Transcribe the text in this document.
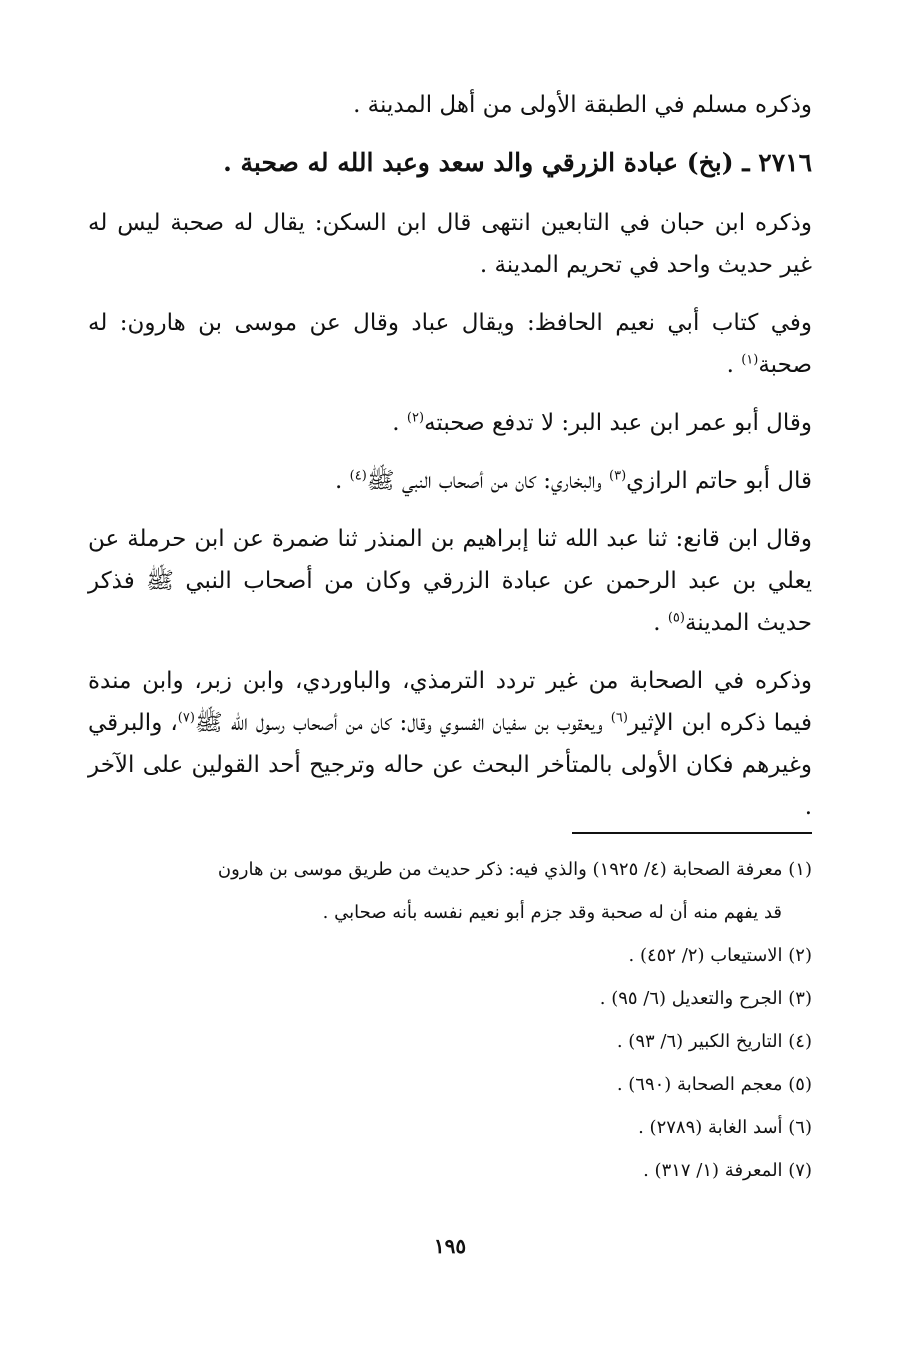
وذكره مسلم في الطبقة الأولى من أهل المدينة .

٢٧١٦ ـ (بخ) عبادة الزرقي والد سعد وعبد الله له صحبة .

وذكره ابن حبان في التابعين انتهى قال ابن السكن: يقال له صحبة ليس له غير حديث واحد في تحريم المدينة .

وفي كتاب أبي نعيم الحافظ: ويقال عباد وقال عن موسى بن هارون: له صحبة$^{(١)}$ .

وقال أبو عمر ابن عبد البر: لا تدفع صحبته$^{(٢)}$ .

قال أبو حاتم الرازي$^{(٣)}$ والبخاري: كان من أصحاب النبي ﷺ$^{(٤)}$ .

وقال ابن قانع: ثنا عبد الله ثنا إبراهيم بن المنذر ثنا ضمرة عن ابن حرملة عن يعلي بن عبد الرحمن عن عبادة الزرقي وكان من أصحاب النبي ﷺ فذكر حديث المدينة$^{(٥)}$ .

وذكره في الصحابة من غير تردد الترمذي، والباوردي، وابن زبر، وابن مندة فيما ذكره ابن الإثير$^{(٦)}$ ويعقوب بن سفيان الفسوي وقال: كان من أصحاب رسول الله ﷺ$^{(٧)}$، والبرقي وغيرهم فكان الأولى بالمتأخر البحث عن حاله وترجيح أحد القولين على الآخر .

(١) معرفة الصحابة (٤/ ١٩٢٥) والذي فيه: ذكر حديث من طريق موسى بن هارون

قد يفهم منه أن له صحبة وقد جزم أبو نعيم نفسه بأنه صحابي .

(٢) الاستيعاب (٢/ ٤٥٢) .

(٣) الجرح والتعديل (٦/ ٩٥) .

(٤) التاريخ الكبير (٦/ ٩٣) .

(٥) معجم الصحابة (٦٩٠) .

(٦) أسد الغابة (٢٧٨٩) .

(٧) المعرفة (١/ ٣١٧) .

١٩٥
